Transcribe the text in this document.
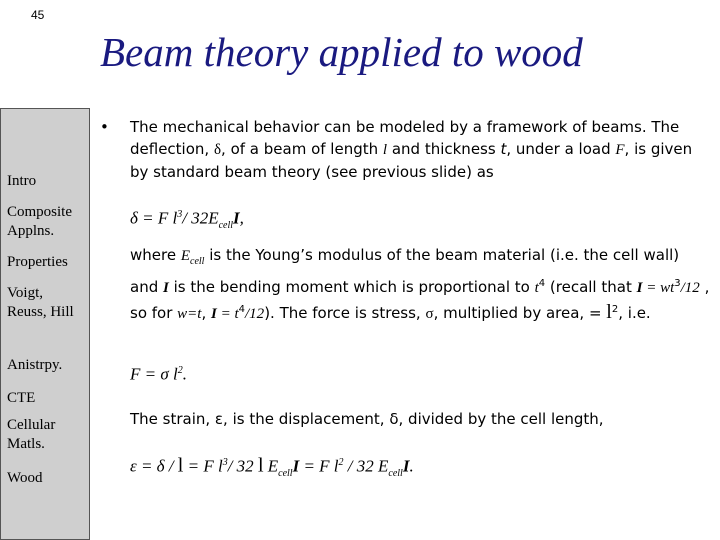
45
Beam theory applied to wood
Intro
Composite Applns.
Properties
Voigt, Reuss, Hill
Anistrpy.
CTE
Cellular Matls.
Wood
• The mechanical behavior can be modeled by a framework of beams. The deflection, δ, of a beam of length l and thickness t, under a load F, is given by standard beam theory (see previous slide) as
δ = F $l^3/$ $32E_{cell}I$,
where $E_{cell}$ is the Young’s modulus of the beam material (i.e. the cell wall) and I is the bending moment which is proportional to $t^4$ (recall that $I = wt^3/12$ , so for w=t, $I = t^4/12$). The force is stress, σ, multiplied by area, = $l^2$, i.e.
F = σ $l^2$.
The strain, ε, is the displacement, δ, divided by the cell length,
ε = δ / l = F $l^3/$ 32 l $E_{cell}I = F$ $l^2 / 32$ $E_{cell}I$.
